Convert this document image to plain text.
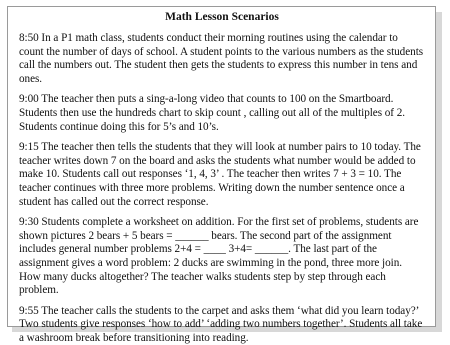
Math Lesson Scenarios

8:50 In a P1 math class, students conduct their morning routines using the calendar to count the number of days of school. A student points to the various numbers as the students call the numbers out. The student then gets the students to express this number in tens and ones.

9:00 The teacher then puts a sing-a-long video that counts to 100 on the Smartboard. Students then use the hundreds chart to skip count , calling out all of the multiples of 2. Students continue doing this for 5’s and 10’s.

9:15 The teacher then tells the students that they will look at number pairs to 10 today. The teacher writes down 7 on the board and asks the students what number would be added to make 10. Students call out responses ‘1, 4, 3’ . The teacher then writes 7 + 3 = 10. The teacher continues with three more problems. Writing down the number sentence once a student has called out the correct response.

9:30 Students complete a worksheet on addition. For the first set of problems, students are shown pictures 2 bears + 5 bears = ______ bears. The second part of the assignment includes general number problems 2+4 = ____ 3+4= ______. The last part of the assignment gives a word problem: 2 ducks are swimming in the pond, three more join. How many ducks altogether? The teacher walks students step by step through each problem.

9:55 The teacher calls the students to the carpet and asks them ‘what did you learn today?’ Two students give responses ‘how to add’ ‘adding two numbers together’. Students all take a washroom break before transitioning into reading.
